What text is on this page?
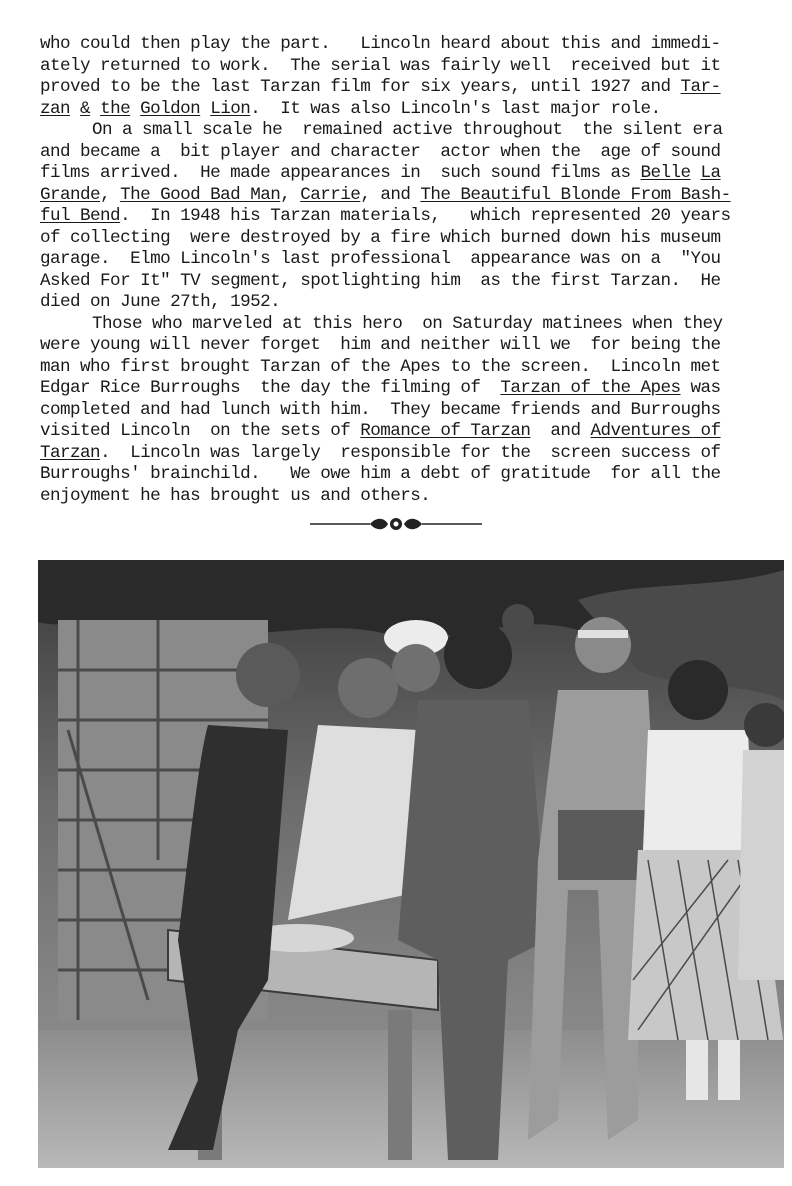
who could then play the part.   Lincoln heard about this and immedi-
ately returned to work.  The serial was fairly well  received but it
proved to be the last Tarzan film for six years, until 1927 and Tar-
zan & the Goldon Lion.  It was also Lincoln's last major role.
On a small scale he  remained active throughout  the silent era
and became a  bit player and character  actor when the  age of sound
films arrived.  He made appearances in  such sound films as Belle La
Grande, The Good Bad Man, Carrie, and The Beautiful Blonde From Bash-
ful Bend.  In 1948 his Tarzan materials,   which represented 20 years
of collecting  were destroyed by a fire which burned down his museum
garage.  Elmo Lincoln's last professional  appearance was on a  "You
Asked For It" TV segment, spotlighting him  as the first Tarzan.  He
died on June 27th, 1952.
Those who marveled at this hero  on Saturday matinees when they
were young will never forget  him and neither will we  for being the
man who first brought Tarzan of the Apes to the screen.  Lincoln met
Edgar Rice Burroughs  the day the filming of  Tarzan of the Apes was
completed and had lunch with him.  They became friends and Burroughs
visited Lincoln  on the sets of Romance of Tarzan  and Adventures of
Tarzan.  Lincoln was largely  responsible for the  screen success of
Burroughs' brainchild.   We owe him a debt of gratitude  for all the
enjoyment he has brought us and others.
